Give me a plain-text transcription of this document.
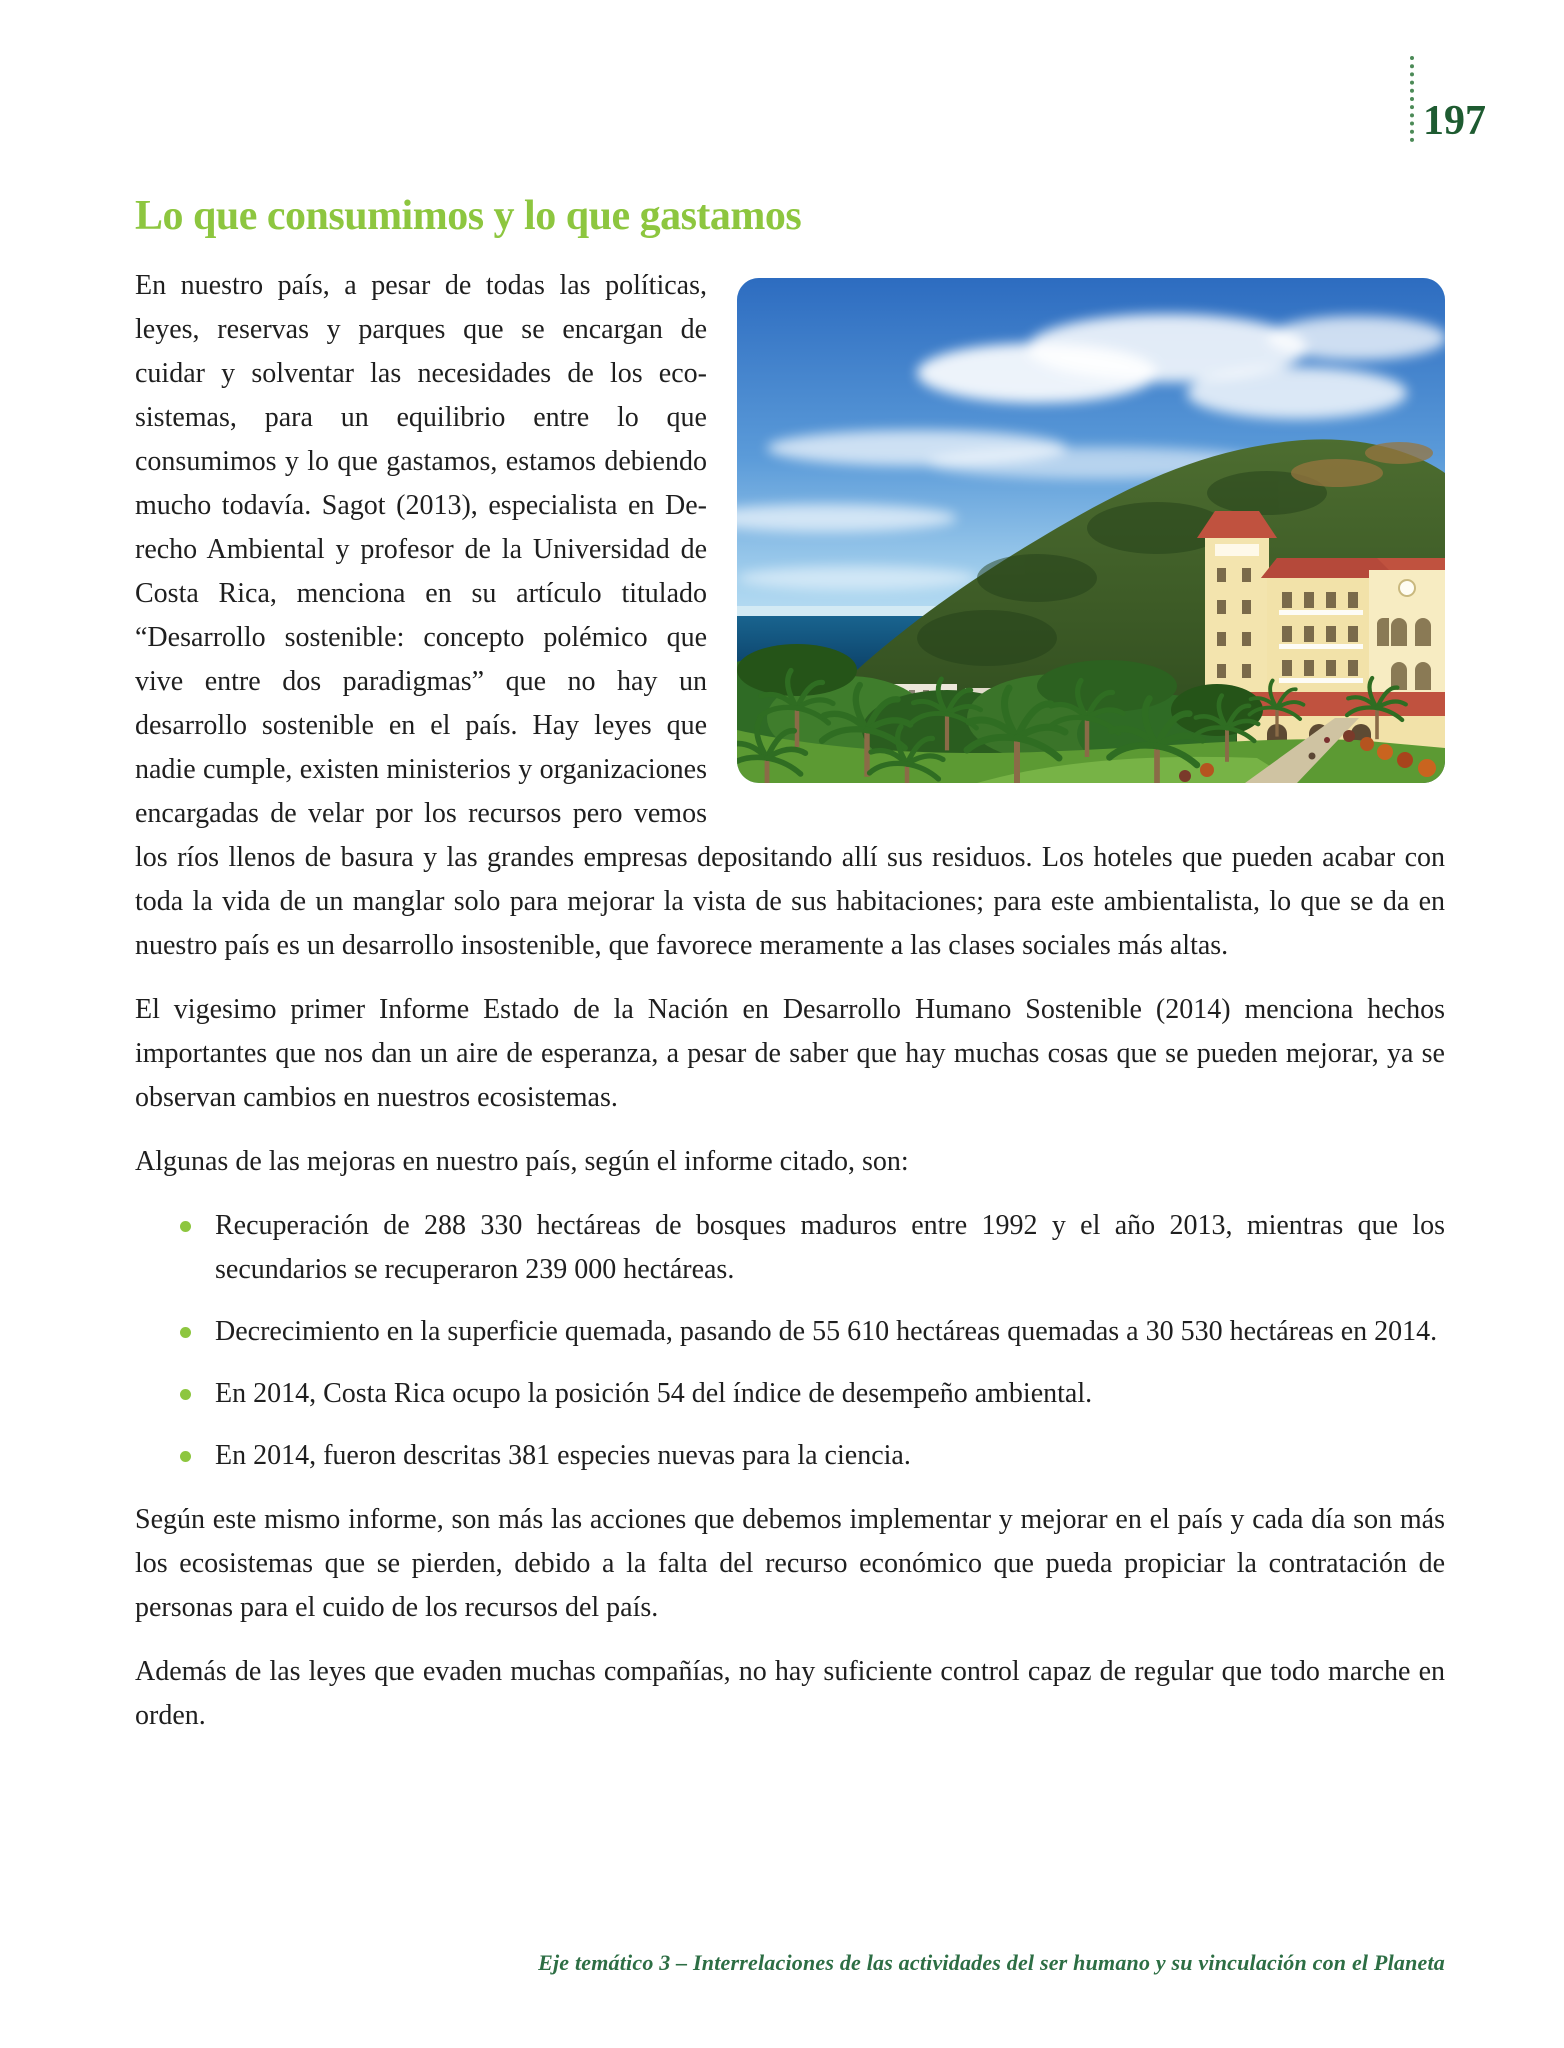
197
Lo que consumimos y lo que gastamos

En nuestro país, a pesar de todas las políticas, leyes, reservas y parques que se encargan de cuidar y solventar las necesidades de los ecosistemas, para un equilibrio entre lo que consumimos y lo que gastamos, estamos debiendo mucho todavía. Sagot (2013), especialista en Derecho Ambiental y profesor de la Universidad de Costa Rica, menciona en su artículo titulado “Desarrollo sostenible: concepto polémico que vive entre dos paradigmas” que no hay un desarrollo sostenible en el país. Hay leyes que nadie cumple, existen ministerios y organizaciones encargadas de velar por los recursos pero vemos los ríos llenos de basura y las grandes empresas depositando allí sus residuos. Los hoteles que pueden acabar con toda la vida de un manglar solo para mejorar la vista de sus habitaciones; para este ambientalista, lo que se da en nuestro país es un desarrollo insostenible, que favorece meramente a las clases sociales más altas.

El vigesimo primer Informe Estado de la Nación en Desarrollo Humano Sostenible (2014) menciona hechos importantes que nos dan un aire de esperanza, a pesar de saber que hay muchas cosas que se pueden mejorar, ya se observan cambios en nuestros ecosistemas.

Algunas de las mejoras en nuestro país, según el informe citado, son:

Recuperación de 288 330 hectáreas de bosques maduros entre 1992 y el año 2013, mientras que los secundarios se recuperaron 239 000 hectáreas.
Decrecimiento en la superficie quemada, pasando de 55 610 hectáreas quemadas a 30 530 hectáreas en 2014.
En 2014, Costa Rica ocupo la posición 54 del índice de desempeño ambiental.
En 2014, fueron descritas 381 especies nuevas para la ciencia.

Según este mismo informe, son más las acciones que debemos implementar y mejorar en el país y cada día son más los ecosistemas que se pierden, debido a la falta del recurso económico que pueda propiciar la contratación de personas para el cuido de los recursos del país.

Además de las leyes que evaden muchas compañías, no hay suficiente control capaz de regular que todo marche en orden.

Eje temático 3 – Interrelaciones de las actividades del ser humano y su vinculación con el Planeta
